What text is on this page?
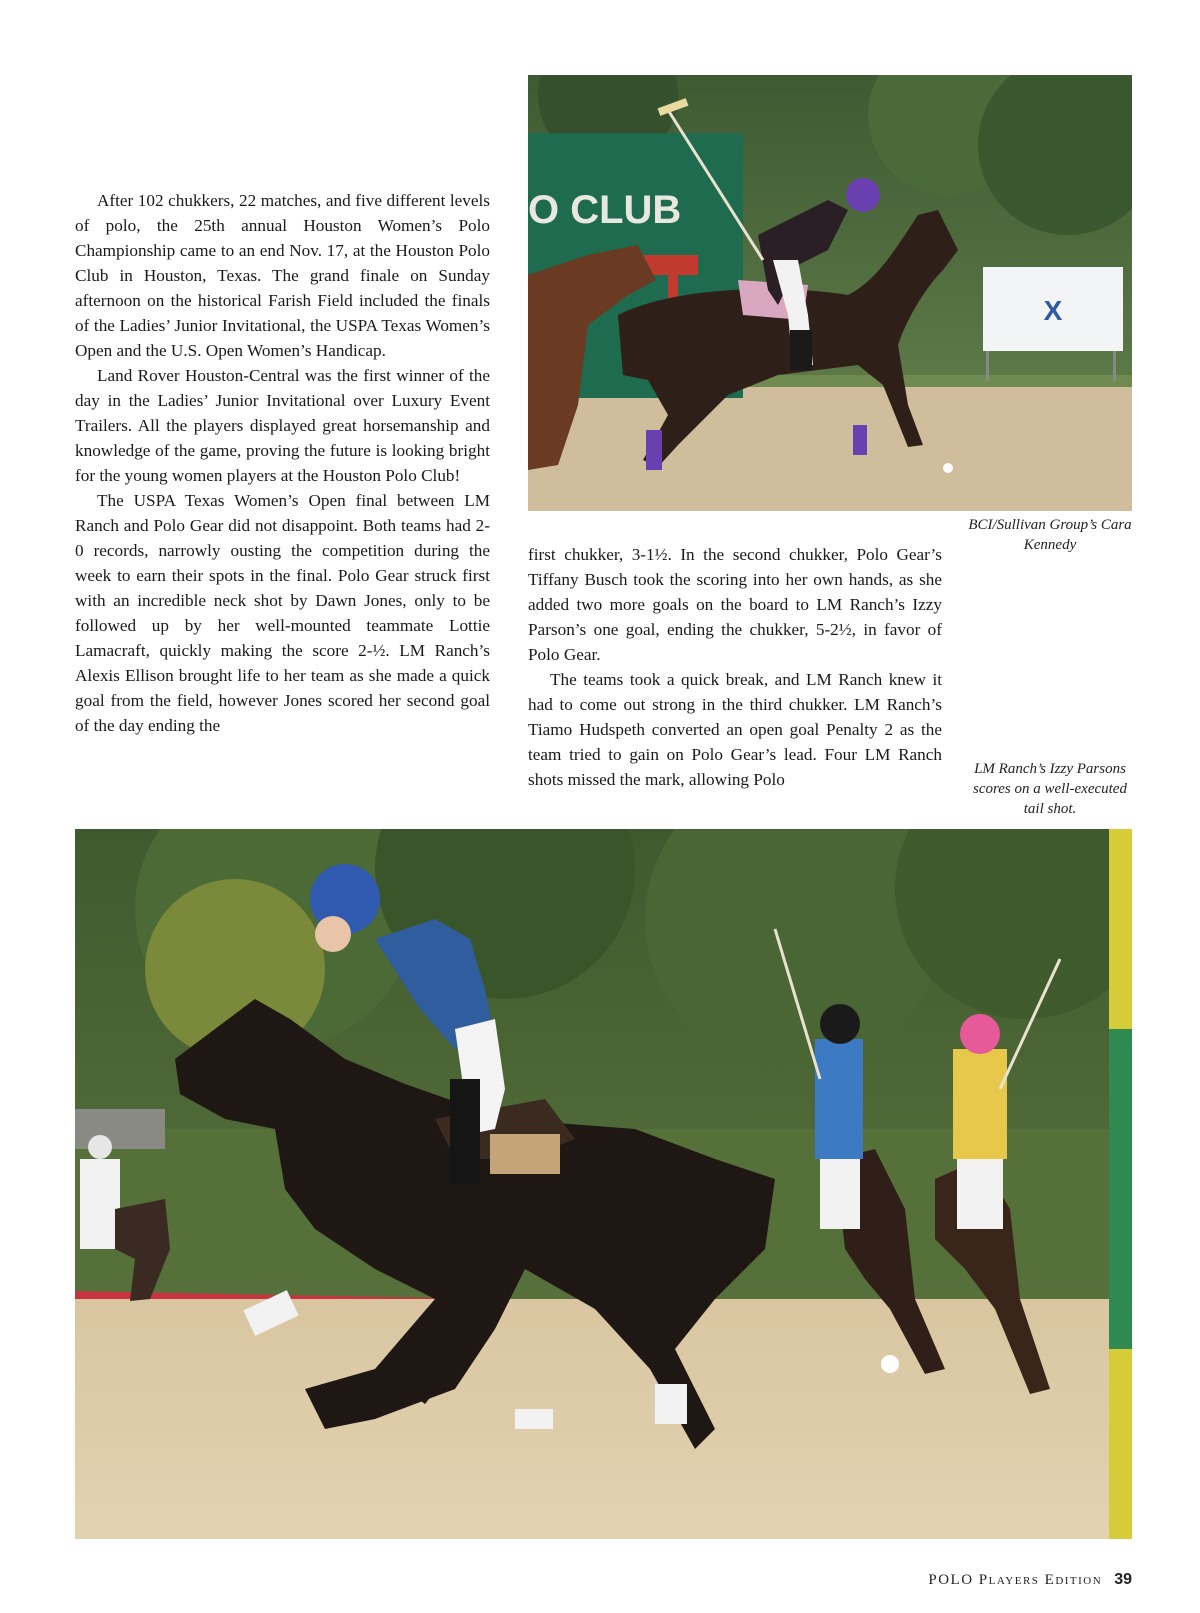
After 102 chukkers, 22 matches, and five different levels of polo, the 25th annual Houston Women’s Polo Championship came to an end Nov. 17, at the Houston Polo Club in Houston, Texas. The grand finale on Sunday afternoon on the historical Farish Field included the finals of the Ladies’ Junior Invitational, the USPA Texas Women’s Open and the U.S. Open Women’s Handicap.

Land Rover Houston-Central was the first winner of the day in the Ladies’ Junior Invitational over Luxury Event Trailers. All the players displayed great horsemanship and knowledge of the game, proving the future is looking bright for the young women players at the Houston Polo Club!

The USPA Texas Women’s Open final between LM Ranch and Polo Gear did not disappoint. Both teams had 2-0 records, narrowly ousting the competition during the week to earn their spots in the final. Polo Gear struck first with an incredible neck shot by Dawn Jones, only to be followed up by her well-mounted teammate Lottie Lamacraft, quickly making the score 2-½. LM Ranch’s Alexis Ellison brought life to her team as she made a quick goal from the field, however Jones scored her second goal of the day ending the

O CLUB
X
BCI/Sullivan Group’s Cara Kennedy

first chukker, 3-1½. In the second chukker, Polo Gear’s Tiffany Busch took the scoring into her own hands, as she added two more goals on the board to LM Ranch’s Izzy Parson’s one goal, ending the chukker, 5-2½, in favor of Polo Gear.

The teams took a quick break, and LM Ranch knew it had to come out strong in the third chukker. LM Ranch’s Tiamo Hudspeth converted an open goal Penalty 2 as the team tried to gain on Polo Gear’s lead. Four LM Ranch shots missed the mark, allowing Polo

LM Ranch’s Izzy Parsons scores on a well-executed tail shot.
POLO Players Edition 39
